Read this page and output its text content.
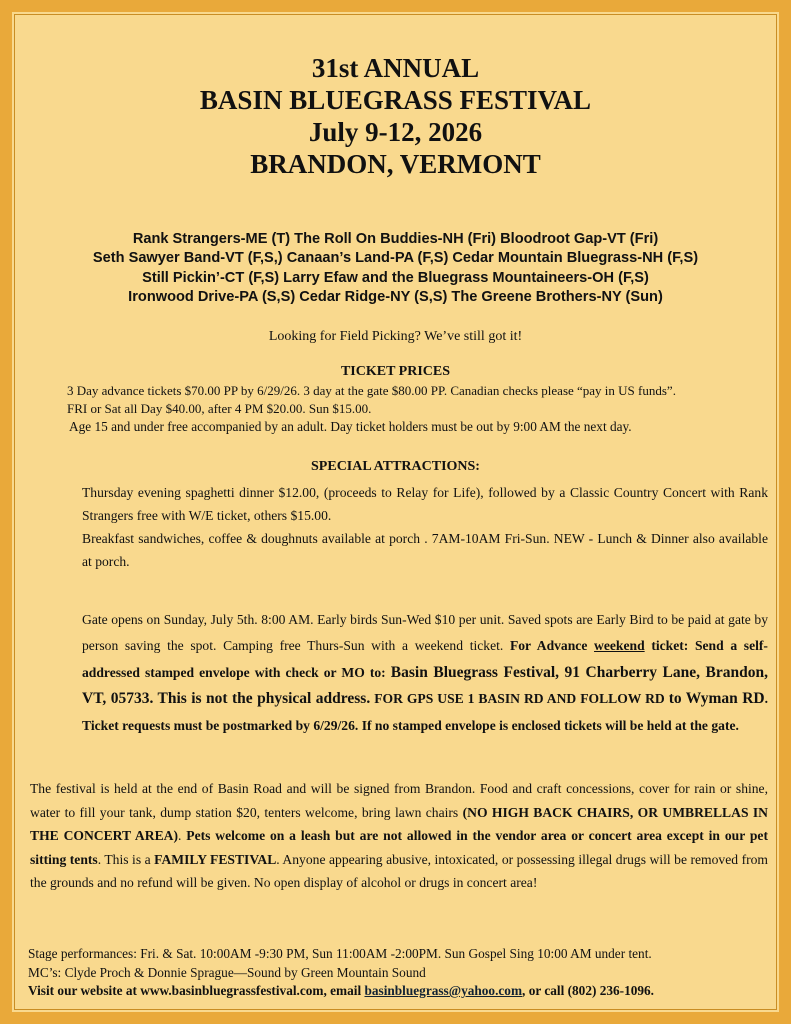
31st ANNUAL
BASIN BLUEGRASS FESTIVAL
July 9-12, 2026
BRANDON, VERMONT
Rank Strangers-ME (T) The Roll On Buddies-NH (Fri) Bloodroot Gap-VT (Fri)
Seth Sawyer Band-VT (F,S,) Canaan’s Land-PA (F,S) Cedar Mountain Bluegrass-NH (F,S)
Still Pickin’-CT (F,S) Larry Efaw and the Bluegrass Mountaineers-OH (F,S)
Ironwood Drive-PA (S,S) Cedar Ridge-NY (S,S) The Greene Brothers-NY (Sun)
Looking for Field Picking? We’ve still got it!
TICKET PRICES
3 Day advance tickets $70.00 PP by 6/29/26. 3 day at the gate $80.00 PP. Canadian checks please “pay in US funds”.
FRI or Sat all Day $40.00, after 4 PM $20.00. Sun $15.00.
Age 15 and under free accompanied by an adult. Day ticket holders must be out by 9:00 AM the next day.
SPECIAL ATTRACTIONS:

Thursday evening spaghetti dinner $12.00, (proceeds to Relay for Life), followed by a Classic Country Concert with Rank Strangers free with W/E ticket, others $15.00.

Breakfast sandwiches, coffee & doughnuts available at porch . 7AM-10AM Fri-Sun. NEW - Lunch & Dinner also available at porch.

Gate opens on Sunday, July 5th. 8:00 AM. Early birds Sun-Wed $10 per unit. Saved spots are Early Bird to be paid at gate by person saving the spot. Camping free Thurs-Sun with a weekend ticket. For Advance weekend ticket: Send a self-addressed stamped envelope with check or MO to: Basin Bluegrass Festival, 91 Charberry Lane, Brandon, VT, 05733. This is not the physical address. FOR GPS USE 1 BASIN RD AND FOLLOW RD to Wyman RD. Ticket requests must be postmarked by 6/29/26. If no stamped envelope is enclosed tickets will be held at the gate.
The festival is held at the end of Basin Road and will be signed from Brandon. Food and craft concessions, cover for rain or shine, water to fill your tank, dump station $20, tenters welcome, bring lawn chairs (NO HIGH BACK CHAIRS, OR UMBRELLAS IN THE CONCERT AREA). Pets welcome on a leash but are not allowed in the vendor area or concert area except in our pet sitting tents. This is a FAMILY FESTIVAL. Anyone appearing abusive, intoxicated, or possessing illegal drugs will be removed from the grounds and no refund will be given. No open display of alcohol or drugs in concert area!
Stage performances: Fri. & Sat. 10:00AM -9:30 PM, Sun 11:00AM -2:00PM. Sun Gospel Sing 10:00 AM under tent.
MC’s: Clyde Proch & Donnie Sprague—Sound by Green Mountain Sound
Visit our website at www.basinbluegrassfestival.com, email basinbluegrass@yahoo.com, or call (802) 236-1096.
